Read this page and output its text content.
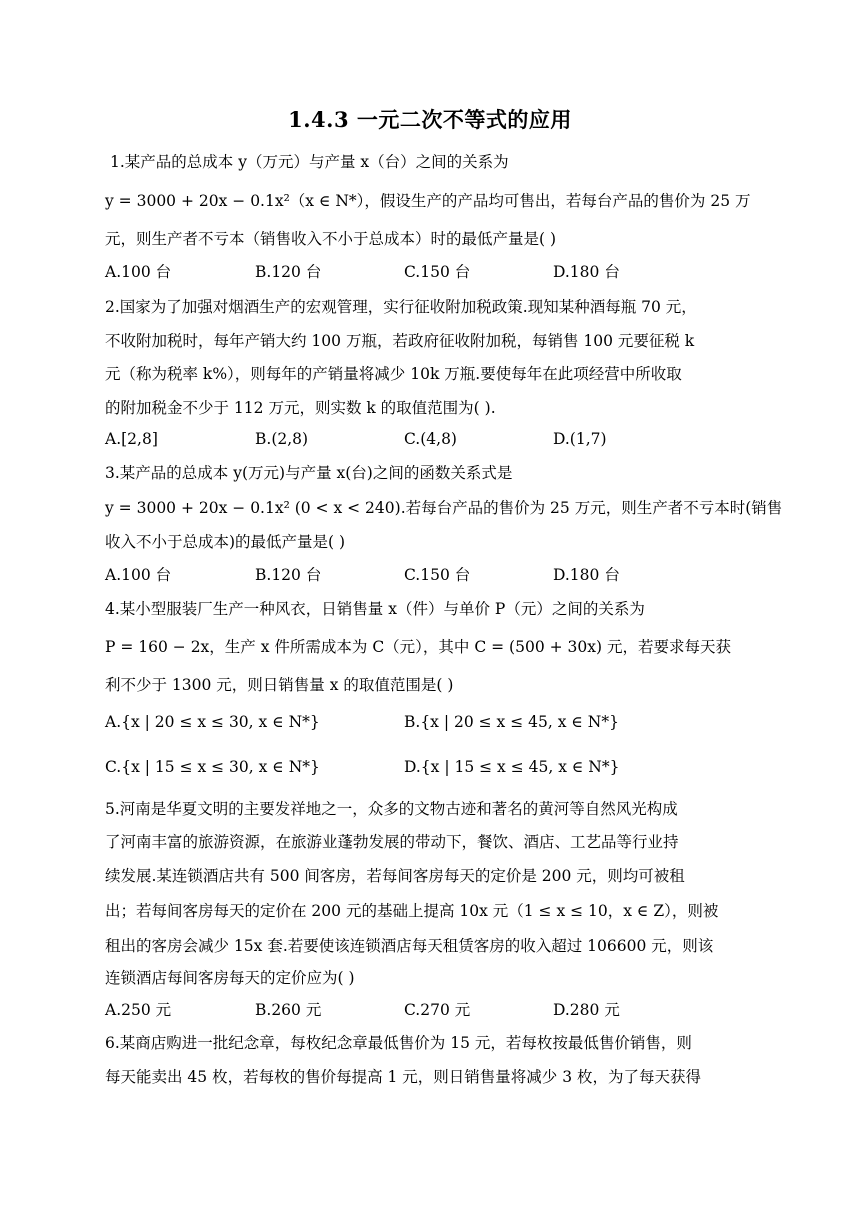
1.4.3 一元二次不等式的应用
1.某产品的总成本 y（万元）与产量 x（台）之间的关系为
y = 3000 + 20x − 0.1x²（x ∈ N*），假设生产的产品均可售出，若每台产品的售价为 25 万
元，则生产者不亏本（销售收入不小于总成本）时的最低产量是( )
A.100 台	B.120 台	C.150 台	D.180 台
2.国家为了加强对烟酒生产的宏观管理，实行征收附加税政策.现知某种酒每瓶 70 元，
不收附加税时，每年产销大约 100 万瓶，若政府征收附加税，每销售 100 元要征税 k
元（称为税率 k%），则每年的产销量将减少 10k 万瓶.要使每年在此项经营中所收取
的附加税金不少于 112 万元，则实数 k 的取值范围为( ).
A.[2,8]	B.(2,8)	C.(4,8)	D.(1,7)
3.某产品的总成本 y(万元)与产量 x(台)之间的函数关系式是
y = 3000 + 20x − 0.1x² (0 < x < 240).若每台产品的售价为 25 万元，则生产者不亏本时(销售
收入不小于总成本)的最低产量是( )
A.100 台	B.120 台	C.150 台	D.180 台
4.某小型服装厂生产一种风衣，日销售量 x（件）与单价 P（元）之间的关系为
P = 160 − 2x，生产 x 件所需成本为 C（元），其中 C = (500 + 30x) 元，若要求每天获
利不少于 1300 元，则日销售量 x 的取值范围是( )
A.{x | 20 ≤ x ≤ 30, x ∈ N*}	B.{x | 20 ≤ x ≤ 45, x ∈ N*}
C.{x | 15 ≤ x ≤ 30, x ∈ N*}	D.{x | 15 ≤ x ≤ 45, x ∈ N*}
5.河南是华夏文明的主要发祥地之一，众多的文物古迹和著名的黄河等自然风光构成
了河南丰富的旅游资源，在旅游业蓬勃发展的带动下，餐饮、酒店、工艺品等行业持
续发展.某连锁酒店共有 500 间客房，若每间客房每天的定价是 200 元，则均可被租
出；若每间客房每天的定价在 200 元的基础上提高 10x 元（1 ≤ x ≤ 10，x ∈ Z），则被
租出的客房会减少 15x 套.若要使该连锁酒店每天租赁客房的收入超过 106600 元，则该
连锁酒店每间客房每天的定价应为( )
A.250 元	B.260 元	C.270 元	D.280 元
6.某商店购进一批纪念章，每枚纪念章最低售价为 15 元，若每枚按最低售价销售，则
每天能卖出 45 枚，若每枚的售价每提高 1 元，则日销售量将减少 3 枚，为了每天获得
